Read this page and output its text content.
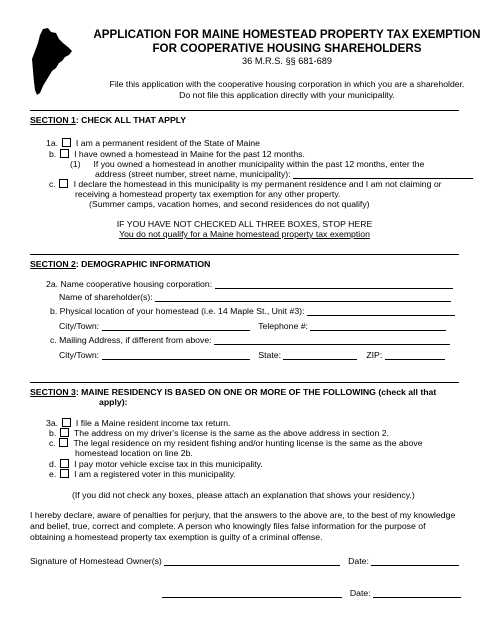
APPLICATION FOR MAINE HOMESTEAD PROPERTY TAX EXEMPTION
FOR COOPERATIVE HOUSING SHAREHOLDERS
36 M.R.S. §§ 681-689
File this application with the cooperative housing corporation in which you are a shareholder.
Do not file this application directly with your municipality.
SECTION 1: CHECK ALL THAT APPLY
1a. I am a permanent resident of the State of Maine
b. I have owned a homestead in Maine for the past 12 months.
(1) If you owned a homestead in another municipality within the past 12 months, enter the
address (street number, street name, municipality):
c. I declare the homestead in this municipality is my permanent residence and I am not claiming or
receiving a homestead property tax exemption for any other property.
(Summer camps, vacation homes, and second residences do not qualify)
IF YOU HAVE NOT CHECKED ALL THREE BOXES, STOP HERE
You do not qualify for a Maine homestead property tax exemption
SECTION 2: DEMOGRAPHIC INFORMATION
2a. Name cooperative housing corporation:
Name of shareholder(s):
b. Physical location of your homestead (i.e. 14 Maple St., Unit #3):
City/Town:	Telephone #:
c. Mailing Address, if different from above:
City/Town:	State:	ZIP:
SECTION 3: MAINE RESIDENCY IS BASED ON ONE OR MORE OF THE FOLLOWING (check all that
apply):
3a. I file a Maine resident income tax return.
b. The address on my driver's license is the same as the above address in section 2.
c. The legal residence on my resident fishing and/or hunting license is the same as the above
homestead location on line 2b.
d. I pay motor vehicle excise tax in this municipality.
e. I am a registered voter in this municipality.
(If you did not check any boxes, please attach an explanation that shows your residency.)
I hereby declare, aware of penalties for perjury, that the answers to the above are, to the best of my knowledge
and belief, true, correct and complete. A person who knowingly files false information for the purpose of
obtaining a homestead property tax exemption is guilty of a criminal offense.
Signature of Homestead Owner(s)	Date:
Date:
